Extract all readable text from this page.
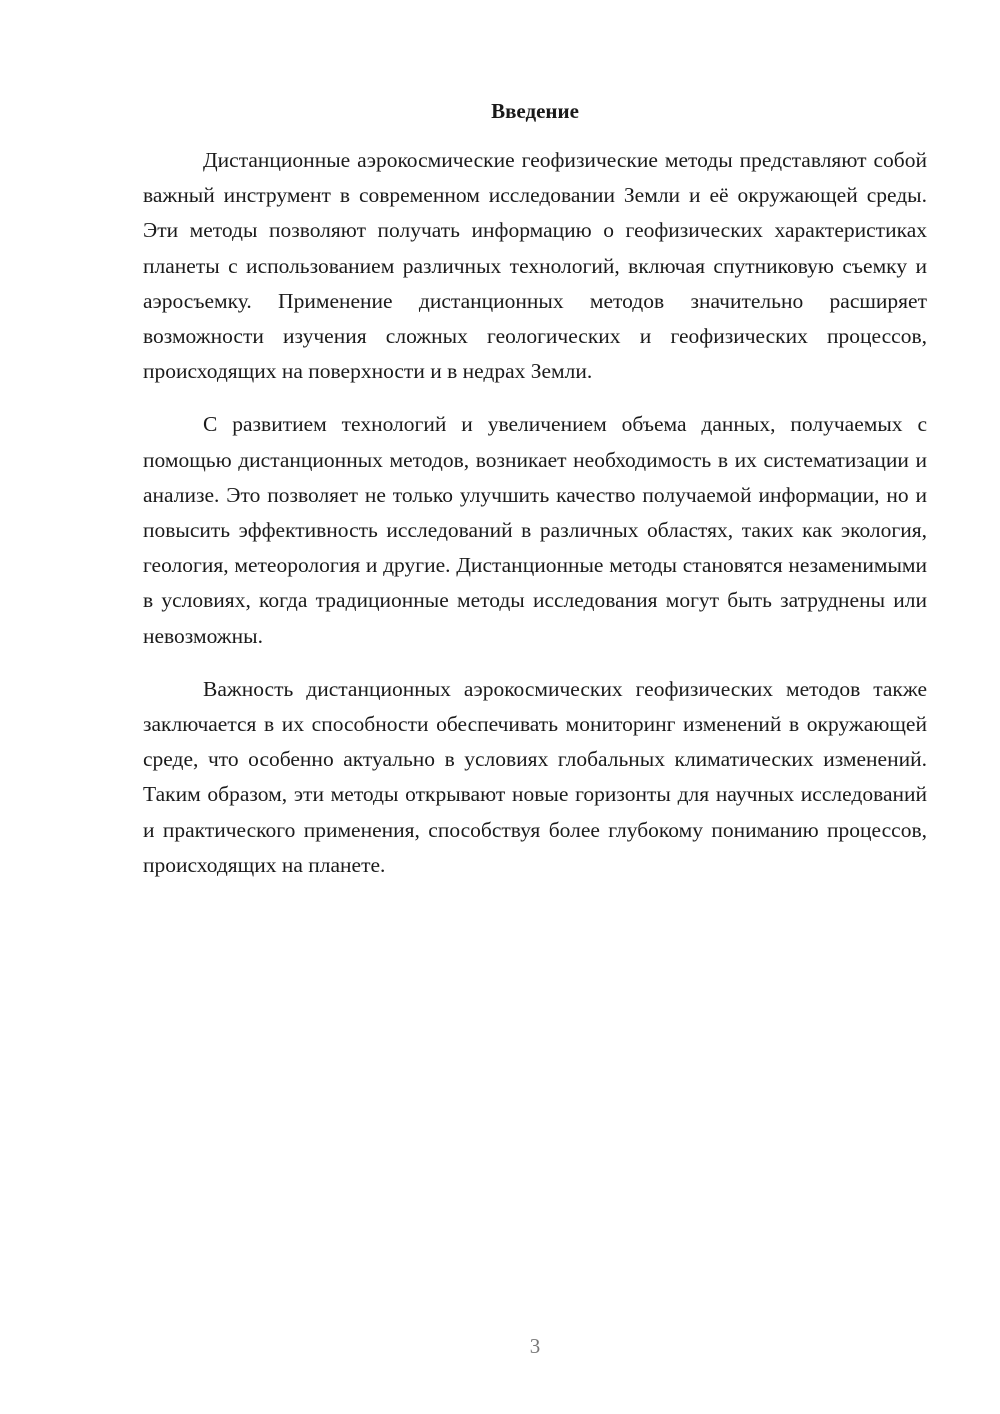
Введение

Дистанционные аэрокосмические геофизические методы представляют собой важный инструмент в современном исследовании Земли и её окружающей среды. Эти методы позволяют получать информацию о геофизических характеристиках планеты с использованием различных технологий, включая спутниковую съемку и аэросъемку. Применение дистанционных методов значительно расширяет возможности изучения сложных геологических и геофизических процессов, происходящих на поверхности и в недрах Земли.

С развитием технологий и увеличением объема данных, получаемых с помощью дистанционных методов, возникает необходимость в их систематизации и анализе. Это позволяет не только улучшить качество получаемой информации, но и повысить эффективность исследований в различных областях, таких как экология, геология, метеорология и другие. Дистанционные методы становятся незаменимыми в условиях, когда традиционные методы исследования могут быть затруднены или невозможны.

Важность дистанционных аэрокосмических геофизических методов также заключается в их способности обеспечивать мониторинг изменений в окружающей среде, что особенно актуально в условиях глобальных климатических изменений. Таким образом, эти методы открывают новые горизонты для научных исследований и практического применения, способствуя более глубокому пониманию процессов, происходящих на планете.

3
